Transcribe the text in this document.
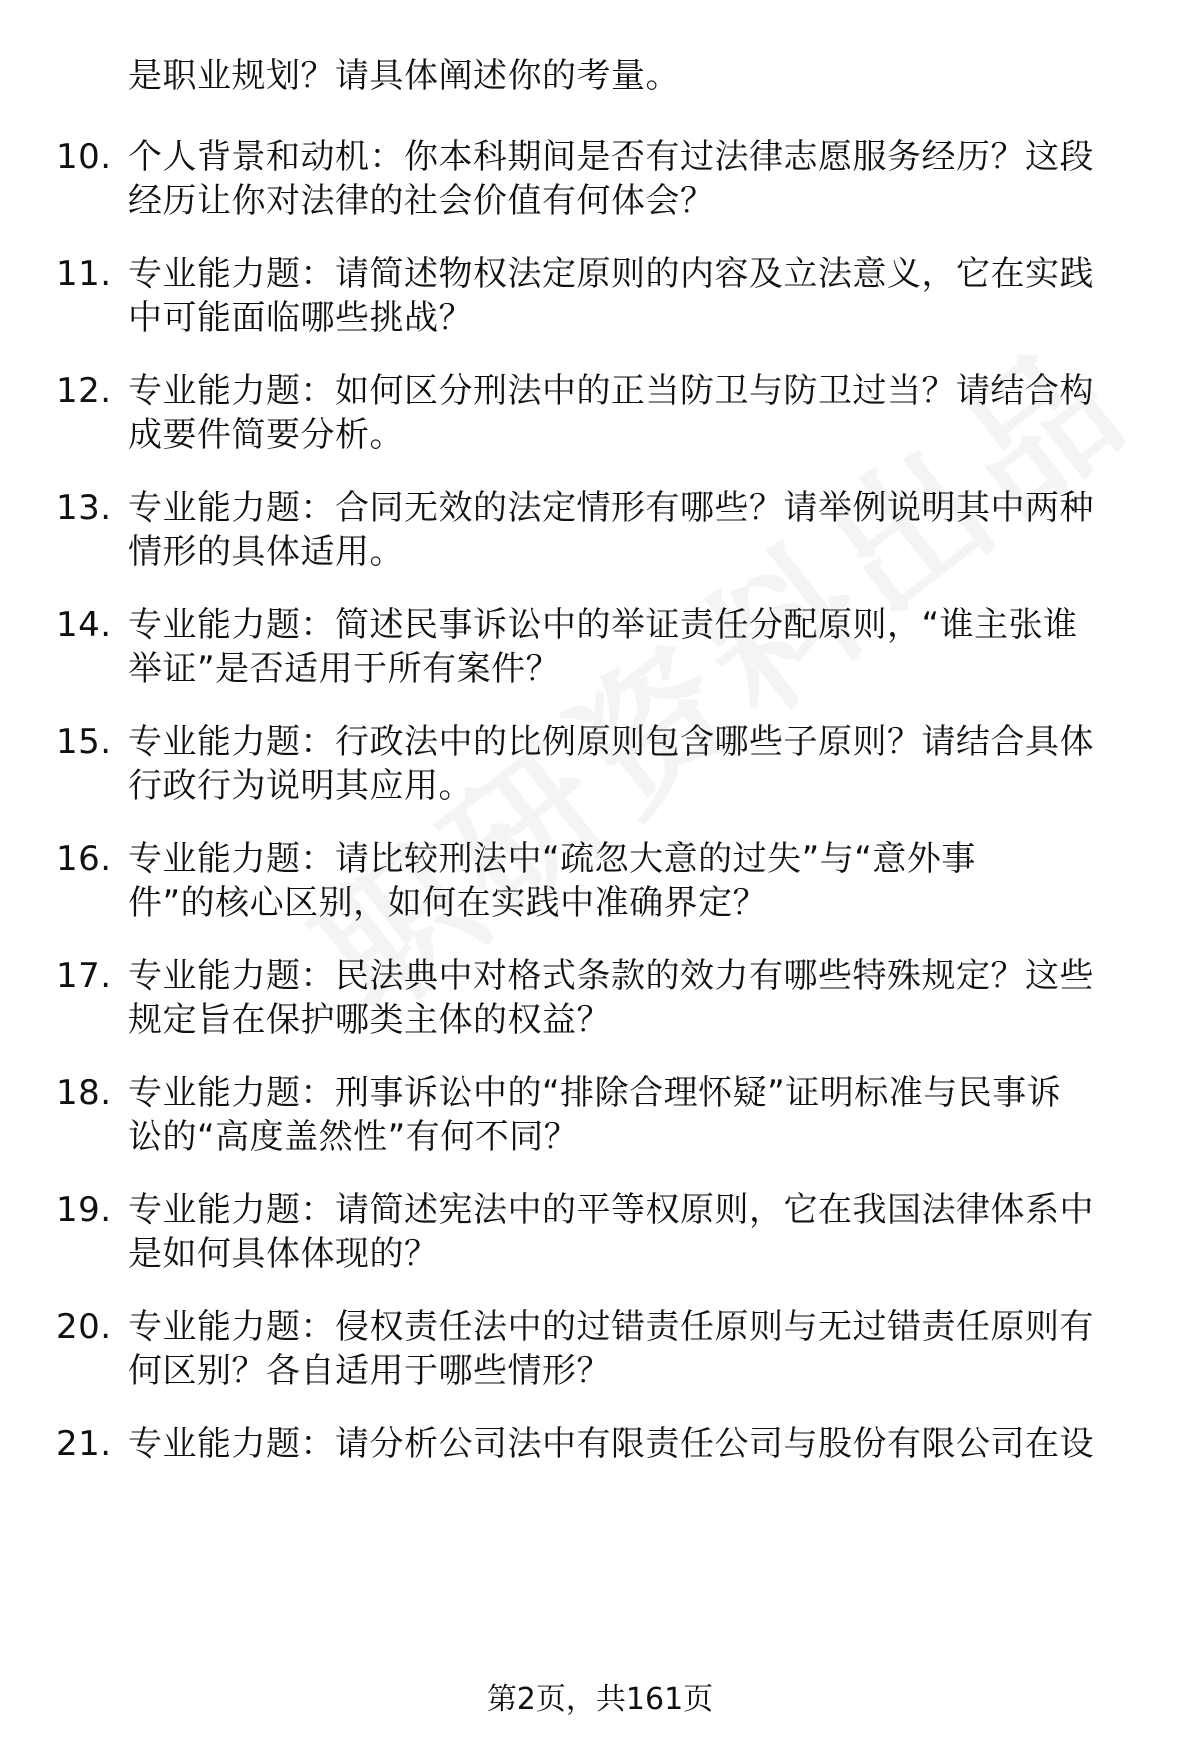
是职业规划？请具体阐述你的考量。
10. 个人背景和动机：你本科期间是否有过法律志愿服务经历？这段
经历让你对法律的社会价值有何体会？
11. 专业能力题：请简述物权法定原则的内容及立法意义，它在实践
中可能面临哪些挑战？
12. 专业能力题：如何区分刑法中的正当防卫与防卫过当？请结合构
成要件简要分析。
13. 专业能力题：合同无效的法定情形有哪些？请举例说明其中两种
情形的具体适用。
14. 专业能力题：简述民事诉讼中的举证责任分配原则，“谁主张谁
举证”是否适用于所有案件？
15. 专业能力题：行政法中的比例原则包含哪些子原则？请结合具体
行政行为说明其应用。
16. 专业能力题：请比较刑法中“疏忽大意的过失”与“意外事
件”的核心区别，如何在实践中准确界定？
17. 专业能力题：民法典中对格式条款的效力有哪些特殊规定？这些
规定旨在保护哪类主体的权益？
18. 专业能力题：刑事诉讼中的“排除合理怀疑”证明标准与民事诉
讼的“高度盖然性”有何不同？
19. 专业能力题：请简述宪法中的平等权原则，它在我国法律体系中
是如何具体体现的？
20. 专业能力题：侵权责任法中的过错责任原则与无过错责任原则有
何区别？各自适用于哪些情形？
21. 专业能力题：请分析公司法中有限责任公司与股份有限公司在设
第2页，共161页
